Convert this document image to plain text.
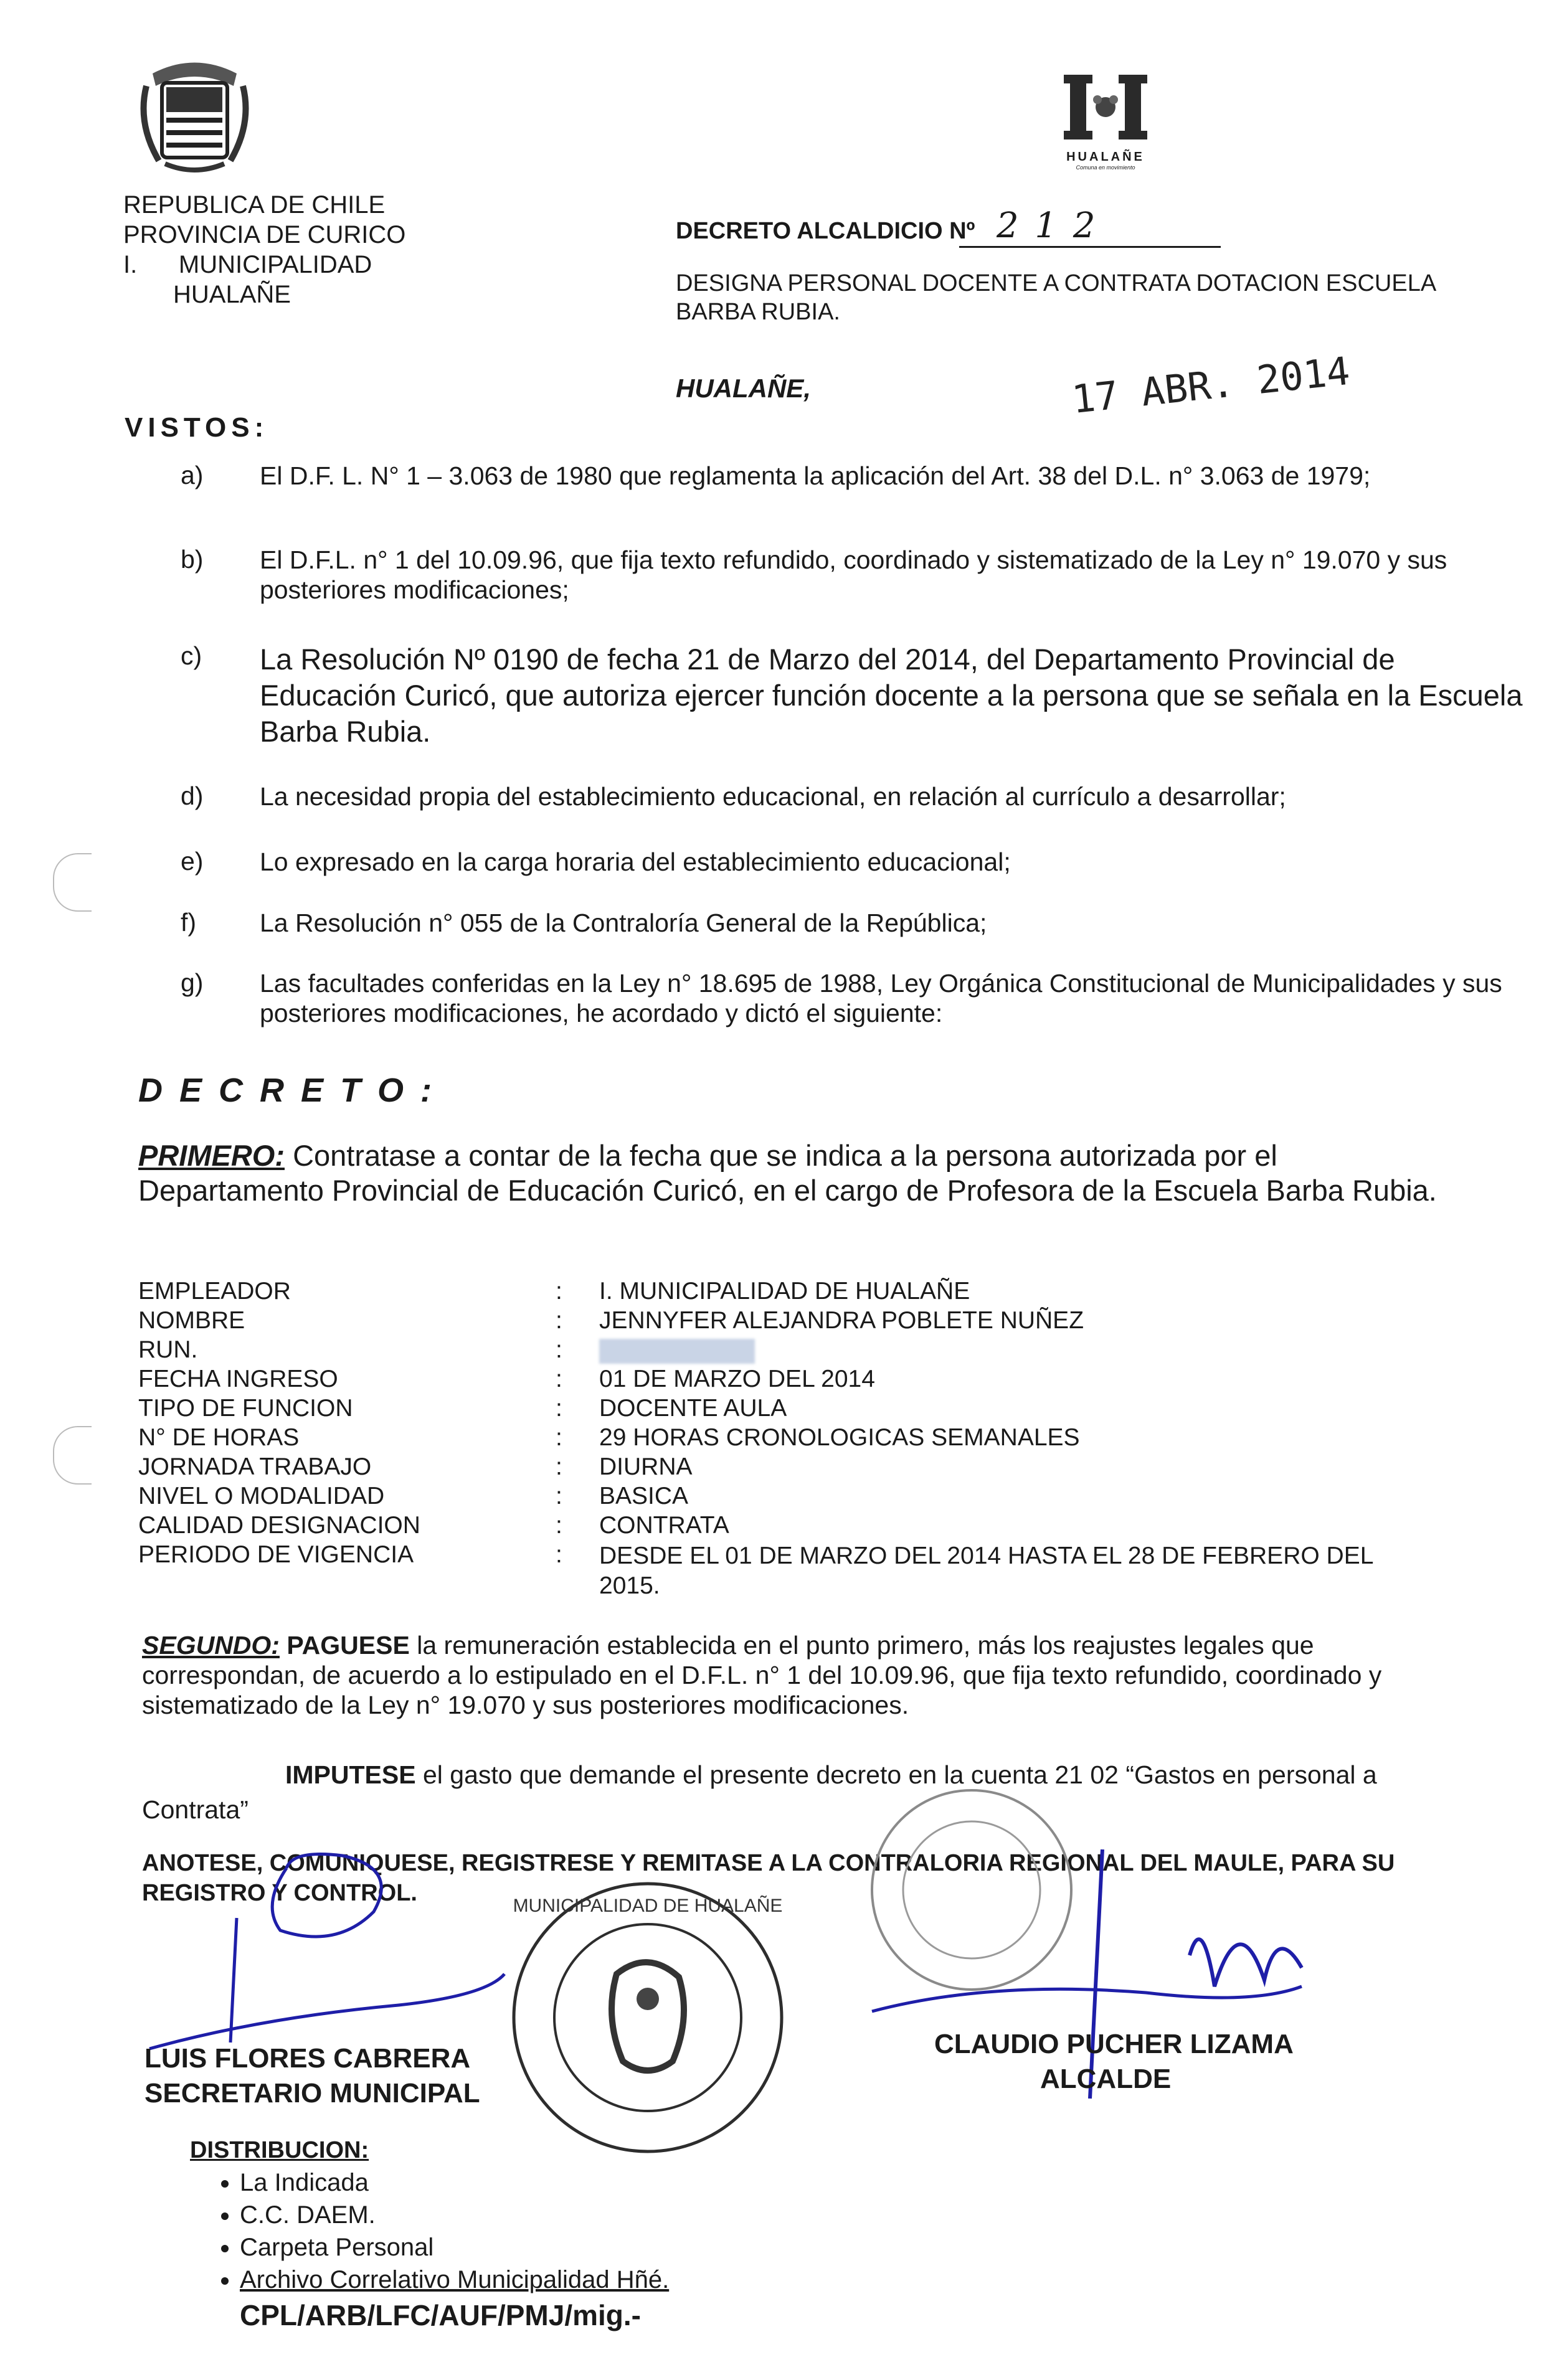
REPUBLICA DE CHILE
PROVINCIA DE CURICO
I.      MUNICIPALIDAD
HUALAÑE
HUALAÑE
Comuna en movimiento
DECRETO ALCALDICIO Nº 2 1 2
DESIGNA PERSONAL DOCENTE A CONTRATA DOTACION ESCUELA BARBA RUBIA.
HUALAÑE,	17 ABR. 2014
VISTOS:
a) El D.F. L. N° 1 – 3.063 de 1980 que reglamenta la aplicación del Art. 38 del D.L. n° 3.063 de 1979;

b) El D.F.L. n° 1 del 10.09.96, que fija texto refundido, coordinado y sistematizado de la Ley n° 19.070 y sus posteriores modificaciones;

c) La Resolución Nº 0190 de fecha 21 de Marzo del 2014, del Departamento Provincial de Educación Curicó, que autoriza ejercer función docente a la persona que se señala en la Escuela Barba Rubia.

d) La necesidad propia del establecimiento educacional, en relación al currículo a desarrollar;

e) Lo expresado en la carga horaria del establecimiento educacional;

f) La Resolución n° 055 de la Contraloría General de la República;

g) Las facultades conferidas en la Ley n° 18.695 de 1988, Ley Orgánica Constitucional de Municipalidades y sus posteriores modificaciones, he acordado y dictó el siguiente:

D E C R E T O :

PRIMERO: Contratase a contar de la fecha que se indica a la persona autorizada por el Departamento Provincial de Educación Curicó, en el cargo de Profesora de la Escuela Barba Rubia.

EMPLEADOR	: I. MUNICIPALIDAD DE HUALAÑE
NOMBRE	: JENNYFER ALEJANDRA POBLETE NUÑEZ
RUN.	:
FECHA INGRESO	: 01 DE MARZO DEL 2014
TIPO DE FUNCION	: DOCENTE AULA
N° DE HORAS	: 29 HORAS CRONOLOGICAS SEMANALES
JORNADA TRABAJO	: DIURNA
NIVEL O MODALIDAD	: BASICA
CALIDAD DESIGNACION	: CONTRATA
PERIODO DE VIGENCIA	: DESDE EL 01 DE MARZO DEL 2014 HASTA EL 28 DE FEBRERO DEL 2015.

SEGUNDO: PAGUESE la remuneración establecida en el punto primero, más los reajustes legales que correspondan, de acuerdo a lo estipulado en el D.F.L. n° 1 del 10.09.96, que fija texto refundido, coordinado y sistematizado de la Ley n° 19.070 y sus posteriores modificaciones.

IMPUTESE el gasto que demande el presente decreto en la cuenta 21 02 “Gastos en personal a Contrata”

ANOTESE, COMUNIQUESE, REGISTRESE Y REMITASE A LA CONTRALORIA REGIONAL DEL MAULE, PARA SU REGISTRO Y CONTROL.	MUNICIPALIDAD DE HUALAÑE
LUIS FLORES CABRERA
SECRETARIO MUNICIPAL
CLAUDIO PUCHER LIZAMA
ALCALDE
DISTRIBUCION:
• La Indicada
• C.C. DAEM.
• Carpeta Personal
• Archivo Correlativo Municipalidad Hñé.
CPL/ARB/LFC/AUF/PMJ/mig.-
